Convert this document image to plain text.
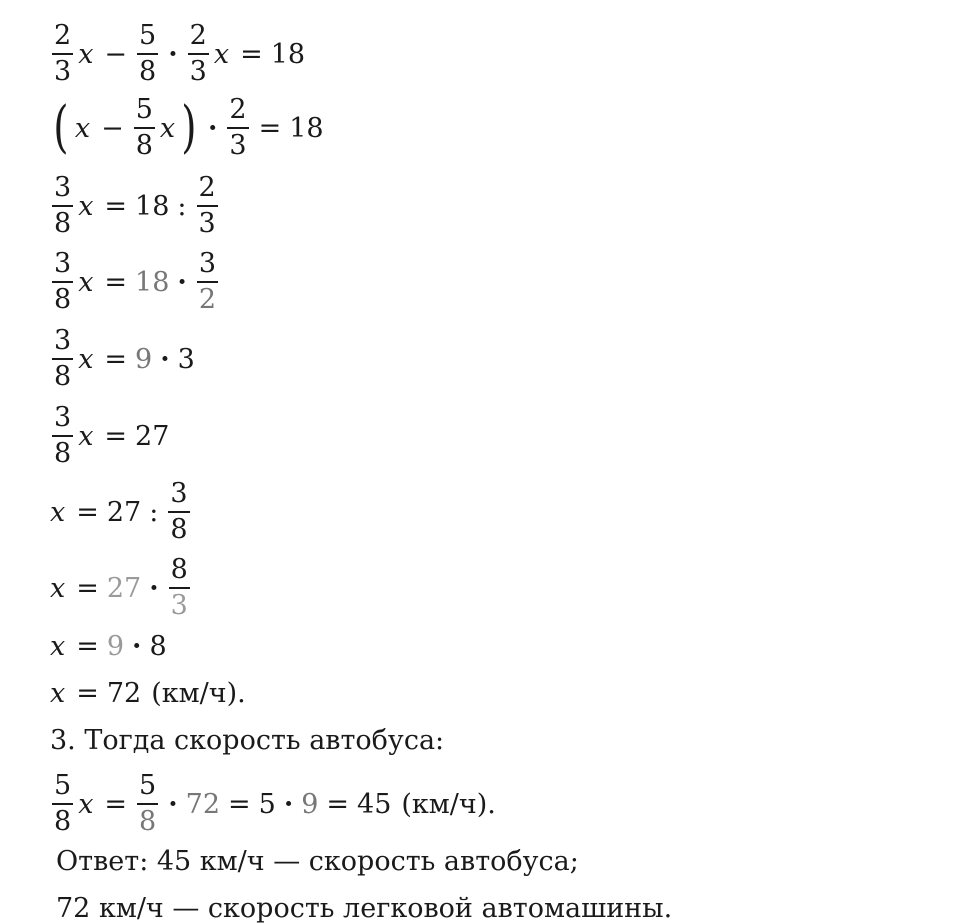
$\frac{2}{3}$ $x - \frac{5}{8} \cdot \frac{2}{3}$ x = 18
( $x - \frac{5}{8}$ x ) · $\frac{2}{3} = 18$
$\frac{3}{8}$ x = 18 : $\frac{2}{3}$
$\frac{3}{8}$ $x = 18 \cdot \frac{3}{2}$
$\frac{3}{8}$ x = 9 · 3
$\frac{3}{8}$ x = 27
x = 27 : $\frac{3}{8}$
$x = 27 \cdot \frac{8}{3}$
x = 9 · 8
x = 72 (км/ч).
3. Тогда скорость автобуса:
$\frac{5}{8}$ $x = \frac{5}{8} \cdot 72 = 5 \cdot 9 = 45$ (км/ч).
Ответ: 45 км/ч — скорость автобуса;
72 км/ч — скорость легковой автомашины.
